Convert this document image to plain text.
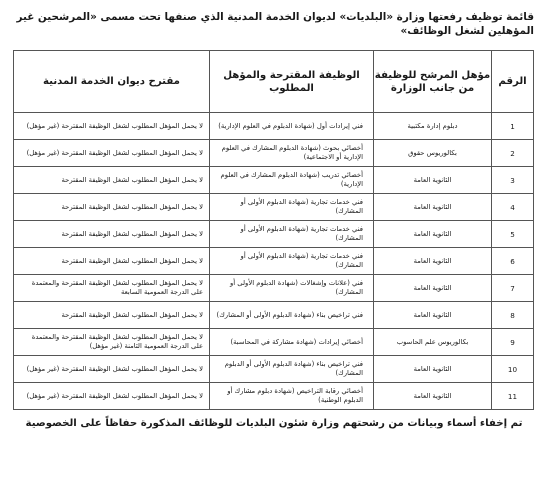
قائمة توظيف رفعتها وزارة «البلديات» لديوان الخدمة المدنية الذي صنفها تحت مسمى «المرشحين غير المؤهلين لشغل الوظائف»
الرقم	مؤهل المرشح للوظيفة من جانب الوزارة	الوظيفة المقترحة والمؤهل المطلوب	مقترح ديوان الخدمة المدنية
1	دبلوم إدارة مكتبية	فني إيرادات أول (شهادة الدبلوم في العلوم الإدارية)	لا يحمل المؤهل المطلوب لشغل الوظيفة المقترحة (غير مؤهل)
2	بكالوريوس حقوق	أخصائي بحوث (شهادة الدبلوم المشارك في العلوم الإدارية أو الاجتماعية)	لا يحمل المؤهل المطلوب لشغل الوظيفة المقترحة (غير مؤهل)
3	الثانوية العامة	أخصائي تدريب (شهادة الدبلوم المشارك في العلوم الإدارية)	لا يحمل المؤهل المطلوب لشغل الوظيفة المقترحة
4	الثانوية العامة	فني خدمات تجارية (شهادة الدبلوم الأولى أو المشارك)	لا يحمل المؤهل المطلوب لشغل الوظيفة المقترحة
5	الثانوية العامة	فني خدمات تجارية (شهادة الدبلوم الأولى أو المشارك)	لا يحمل المؤهل المطلوب لشغل الوظيفة المقترحة
6	الثانوية العامة	فني خدمات تجارية (شهادة الدبلوم الأولى أو المشارك)	لا يحمل المؤهل المطلوب لشغل الوظيفة المقترحة
7	الثانوية العامة	فني (علانات وإشغالات (شهادة الدبلوم الأولى أو المشارك)	لا يحمل المؤهل المطلوب لشغل الوظيفة المقترحة والمعتمدة على الدرجة العمومية السابعة
8	الثانوية العامة	فني تراخيص بناء (شهادة الدبلوم الأولى أو المشارك)	لا يحمل المؤهل المطلوب لشغل الوظيفة المقترحة
9	بكالوريوس علم الحاسوب	أخصائي إيرادات (شهادة مشاركة في المحاسبة)	لا يحمل المؤهل المطلوب لشغل الوظيفة المقترحة والمعتمدة على الدرجة العمومية الثامنة (غير مؤهل)
10	الثانوية العامة	فني تراخيص بناء (شهادة الدبلوم الأولى أو الدبلوم المشارك)	لا يحمل المؤهل المطلوب لشغل الوظيفة المقترحة (غير مؤهل)
11	الثانوية العامة	أخصائي رقابة التراخيص (شهادة دبلوم مشارك أو الدبلوم الوطنية)	لا يحمل المؤهل المطلوب لشغل الوظيفة المقترحة (غير مؤهل)
تم إخفاء أسماء وبيانات من رشحتهم وزارة شئون البلديات للوظائف المذكورة حفاظاً على الخصوصية
